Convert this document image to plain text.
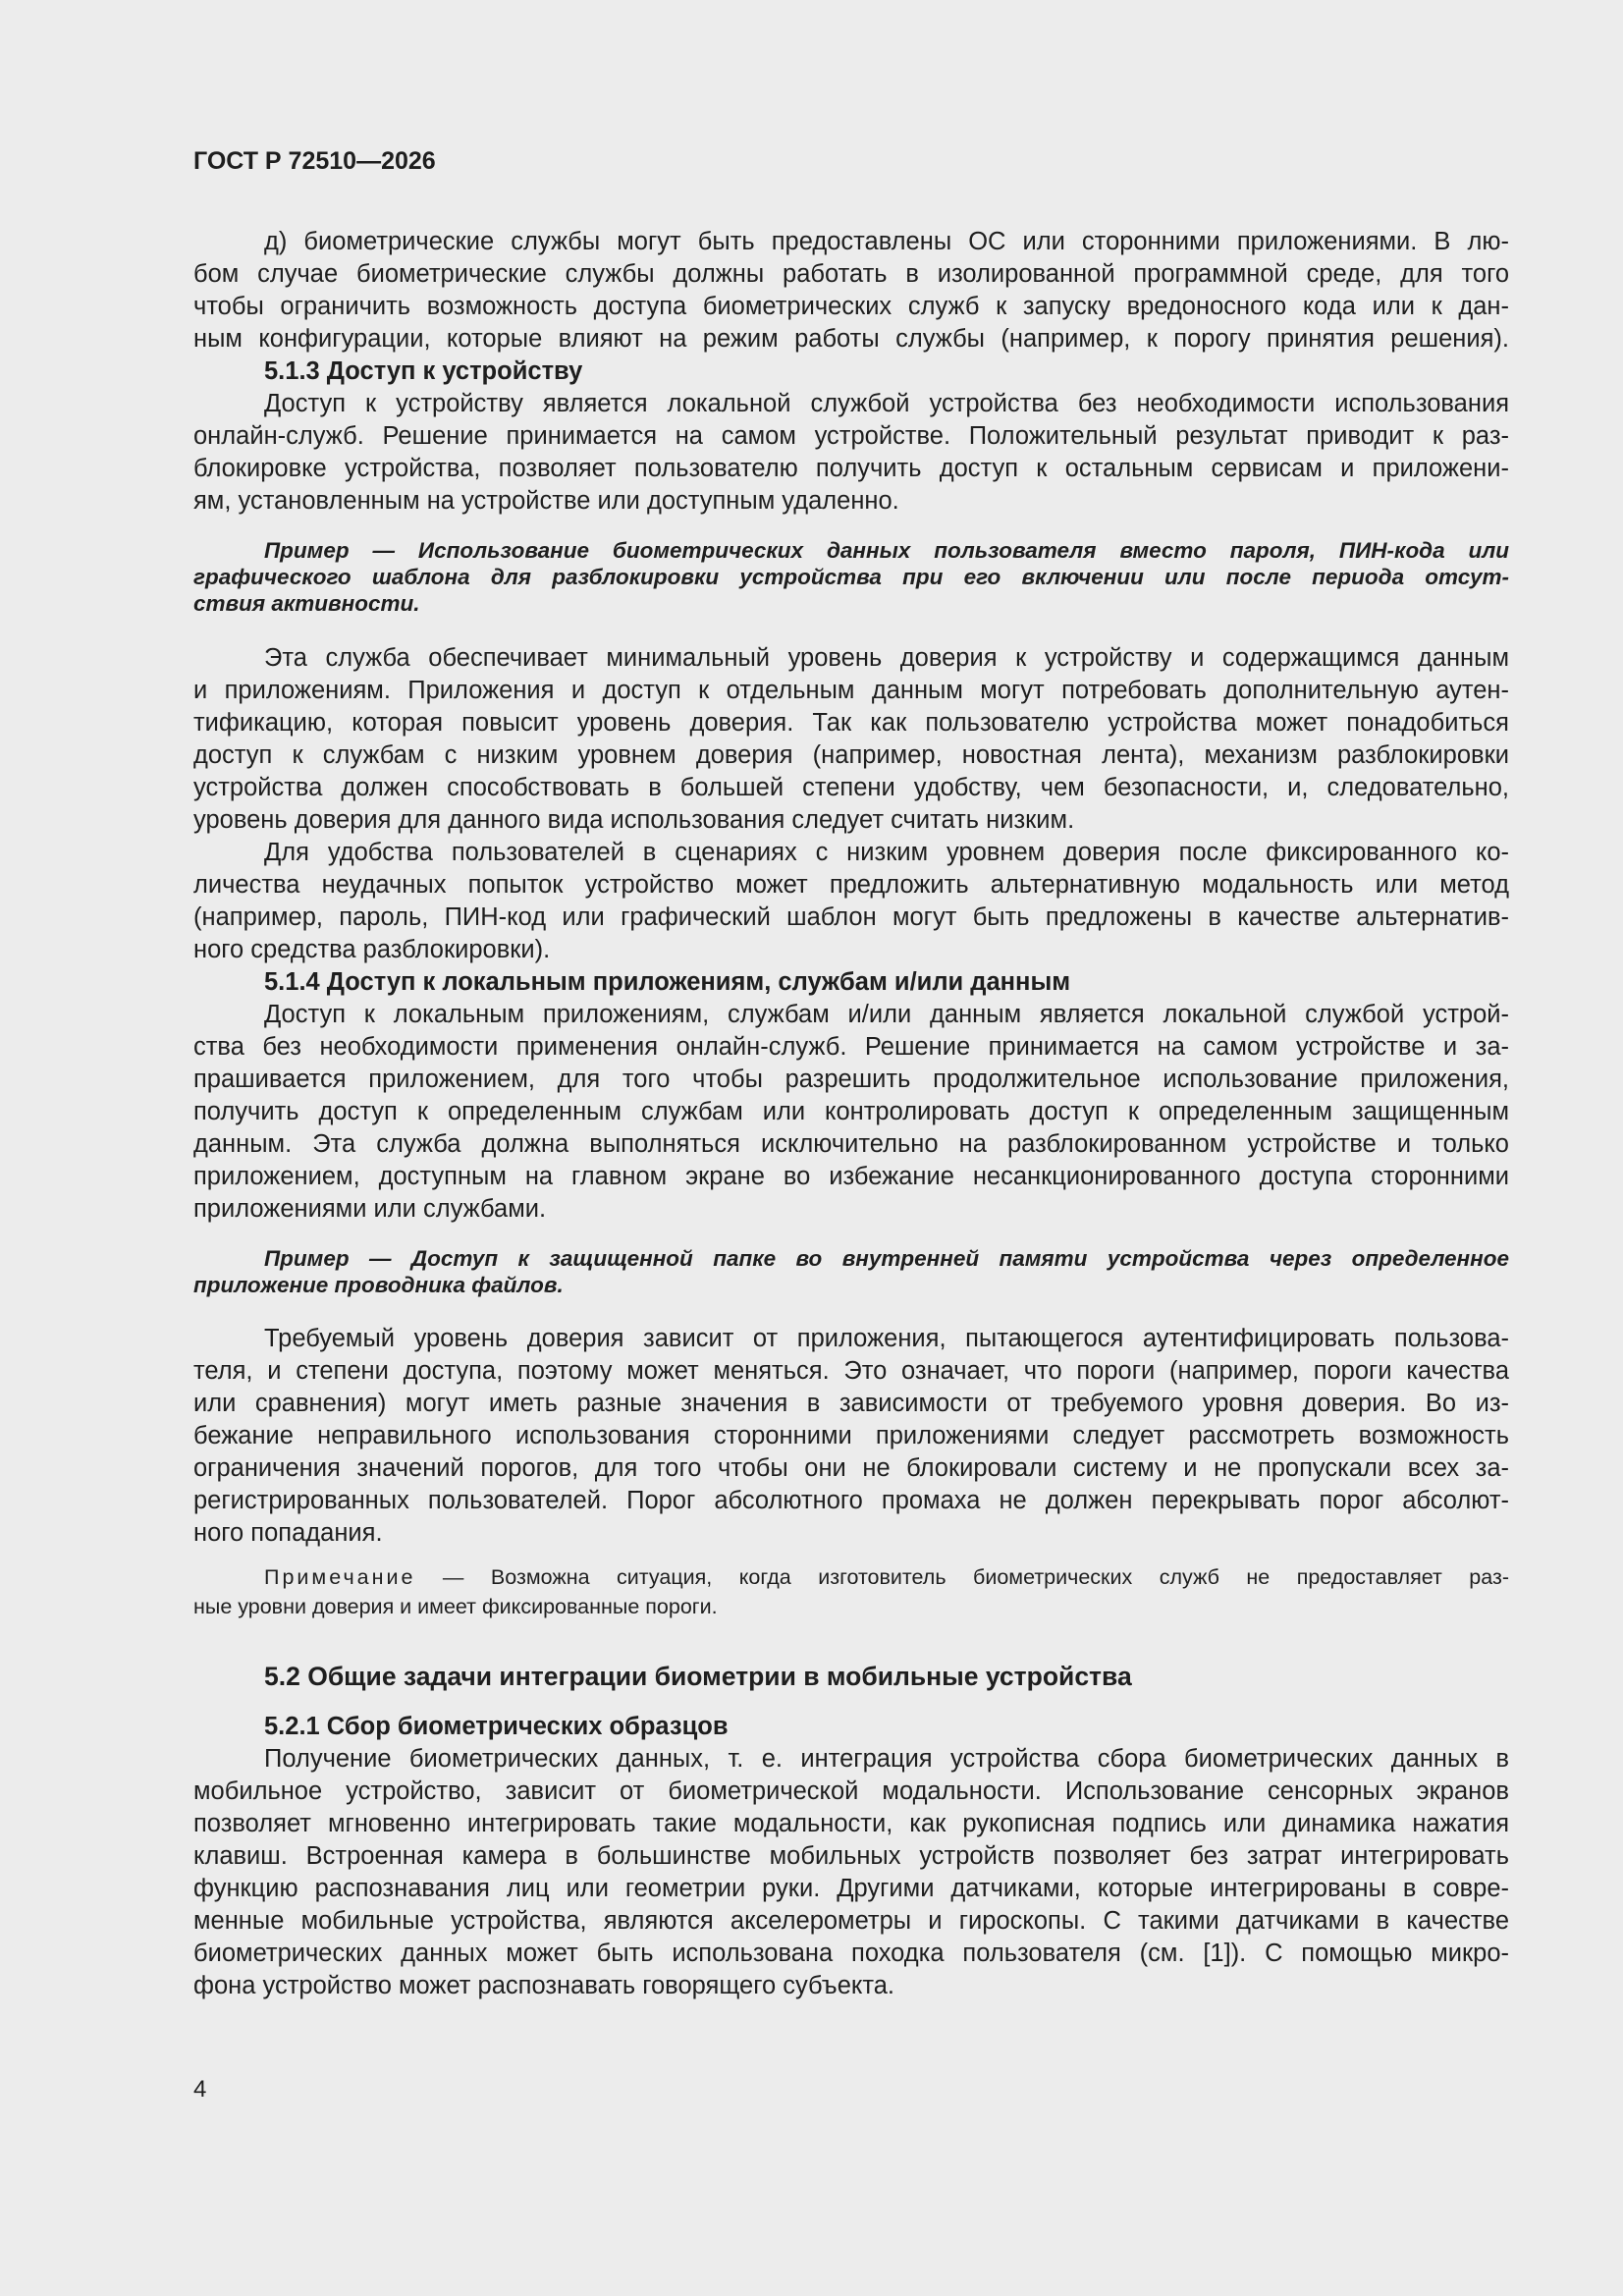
ГОСТ Р 72510—2026
д) биометрические службы могут быть предоставлены ОС или сторонними приложениями. В лю-
бом случае биометрические службы должны работать в изолированной программной среде, для того
чтобы ограничить возможность доступа биометрических служб к запуску вредоносного кода или к дан-
ным конфигурации, которые влияют на режим работы службы (например, к порогу принятия решения).
5.1.3 Доступ к устройству
Доступ к устройству является локальной службой устройства без необходимости использования
онлайн-служб. Решение принимается на самом устройстве. Положительный результат приводит к раз-
блокировке устройства, позволяет пользователю получить доступ к остальным сервисам и приложени-
ям, установленным на устройстве или доступным удаленно.
Пример — Использование биометрических данных пользователя вместо пароля, ПИН-кода или
графического шаблона для разблокировки устройства при его включении или после периода отсут-
ствия активности.
Эта служба обеспечивает минимальный уровень доверия к устройству и содержащимся данным
и приложениям. Приложения и доступ к отдельным данным могут потребовать дополнительную аутен-
тификацию, которая повысит уровень доверия. Так как пользователю устройства может понадобиться
доступ к службам с низким уровнем доверия (например, новостная лента), механизм разблокировки
устройства должен способствовать в большей степени удобству, чем безопасности, и, следовательно,
уровень доверия для данного вида использования следует считать низким.
Для удобства пользователей в сценариях с низким уровнем доверия после фиксированного ко-
личества неудачных попыток устройство может предложить альтернативную модальность или метод
(например, пароль, ПИН-код или графический шаблон могут быть предложены в качестве альтернатив-
ного средства разблокировки).
5.1.4 Доступ к локальным приложениям, службам и/или данным
Доступ к локальным приложениям, службам и/или данным является локальной службой устрой-
ства без необходимости применения онлайн-служб. Решение принимается на самом устройстве и за-
прашивается приложением, для того чтобы разрешить продолжительное использование приложения,
получить доступ к определенным службам или контролировать доступ к определенным защищенным
данным. Эта служба должна выполняться исключительно на разблокированном устройстве и только
приложением, доступным на главном экране во избежание несанкционированного доступа сторонними
приложениями или службами.
Пример — Доступ к защищенной папке во внутренней памяти устройства через определенное
приложение проводника файлов.
Требуемый уровень доверия зависит от приложения, пытающегося аутентифицировать пользова-
теля, и степени доступа, поэтому может меняться. Это означает, что пороги (например, пороги качества
или сравнения) могут иметь разные значения в зависимости от требуемого уровня доверия. Во из-
бежание неправильного использования сторонними приложениями следует рассмотреть возможность
ограничения значений порогов, для того чтобы они не блокировали систему и не пропускали всех за-
регистрированных пользователей. Порог абсолютного промаха не должен перекрывать порог абсолют-
ного попадания.
Примечание — Возможна ситуация, когда изготовитель биометрических служб не предоставляет раз-
ные уровни доверия и имеет фиксированные пороги.
5.2 Общие задачи интеграции биометрии в мобильные устройства
5.2.1 Сбор биометрических образцов
Получение биометрических данных, т. е. интеграция устройства сбора биометрических данных в
мобильное устройство, зависит от биометрической модальности. Использование сенсорных экранов
позволяет мгновенно интегрировать такие модальности, как рукописная подпись или динамика нажатия
клавиш. Встроенная камера в большинстве мобильных устройств позволяет без затрат интегрировать
функцию распознавания лиц или геометрии руки. Другими датчиками, которые интегрированы в совре-
менные мобильные устройства, являются акселерометры и гироскопы. С такими датчиками в качестве
биометрических данных может быть использована походка пользователя (см. [1]). С помощью микро-
фона устройство может распознавать говорящего субъекта.
4
